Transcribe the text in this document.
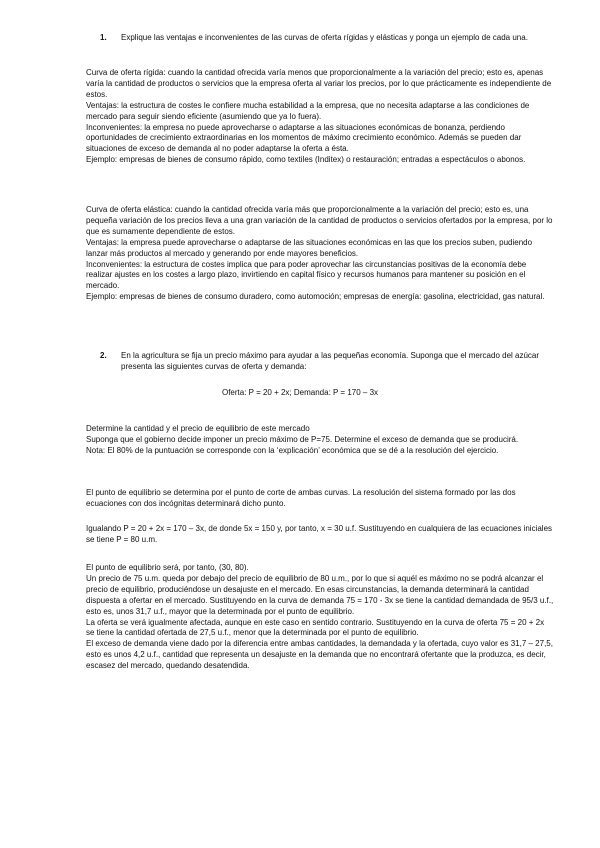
1. Explique las ventajas e inconvenientes de las curvas de oferta rígidas y elásticas y ponga un ejemplo de cada una.

Curva de oferta rígida: cuando la cantidad ofrecida varía menos que proporcionalmente a la variación del precio; esto es, apenas varía la cantidad de productos o servicios que la empresa oferta al variar los precios, por lo que prácticamente es independiente de estos.

Ventajas: la estructura de costes le confiere mucha estabilidad a la empresa, que no necesita adaptarse a las condiciones de mercado para seguir siendo eficiente (asumiendo que ya lo fuera).

Inconvenientes: la empresa no puede aprovecharse o adaptarse a las situaciones económicas de bonanza, perdiendo oportunidades de crecimiento extraordinarias en los momentos de máximo crecimiento económico. Además se pueden dar situaciones de exceso de demanda al no poder adaptarse la oferta a ésta.

Ejemplo: empresas de bienes de consumo rápido, como textiles (Inditex) o restauración; entradas a espectáculos o abonos.

Curva de oferta elástica: cuando la cantidad ofrecida varía más que proporcionalmente a la variación del precio; esto es, una pequeña variación de los precios lleva a una gran variación de la cantidad de productos o servicios ofertados por la empresa, por lo que es sumamente dependiente de estos.

Ventajas: la empresa puede aprovecharse o adaptarse de las situaciones económicas en las que los precios suben, pudiendo lanzar más productos al mercado y generando por ende mayores beneficios.

Inconvenientes: la estructura de costes implica que para poder aprovechar las circunstancias positivas de la economía debe realizar ajustes en los costes a largo plazo, invirtiendo en capital físico y recursos humanos para mantener su posición en el mercado.

Ejemplo: empresas de bienes de consumo duradero, como automoción; empresas de energía: gasolina, electricidad, gas natural.

2. En la agricultura se fija un precio máximo para ayudar a las pequeñas economía. Suponga que el mercado del azúcar presenta las siguientes curvas de oferta y demanda:
Oferta: P = 20 + 2x; Demanda: P = 170 – 3x

Determine la cantidad y el precio de equilibrio de este mercado

Suponga que el gobierno decide imponer un precio máximo de P=75. Determine el exceso de demanda que se producirá.

Nota: El 80% de la puntuación se corresponde con la ‘explicación’ económica que se dé a la resolución del ejercicio.

El punto de equilibrio se determina por el punto de corte de ambas curvas. La resolución del sistema formado por las dos ecuaciones con dos incógnitas determinará dicho punto.

Igualando P = 20 + 2x = 170 – 3x, de donde 5x = 150 y, por tanto, x = 30 u.f. Sustituyendo en cualquiera de las ecuaciones iniciales se tiene P = 80 u.m.

El punto de equilibrio será, por tanto, (30, 80).

Un precio de 75 u.m. queda por debajo del precio de equilibrio de 80 u.m., por lo que si aquél es máximo no se podrá alcanzar el precio de equilibrio, produciéndose un desajuste en el mercado. En esas circunstancias, la demanda determinará la cantidad dispuesta a ofertar en el mercado. Sustituyendo en la curva de demanda 75 = 170 - 3x se tiene la cantidad demandada de 95/3 u.f., esto es, unos 31,7 u.f., mayor que la determinada por el punto de equilibrio.

La oferta se verá igualmente afectada, aunque en este caso en sentido contrario. Sustituyendo en la curva de oferta 75 = 20 + 2x se tiene la cantidad ofertada de 27,5 u.f., menor que la determinada por el punto de equilibrio.

El exceso de demanda viene dado por la diferencia entre ambas cantidades, la demandada y la ofertada, cuyo valor es 31,7 – 27,5, esto es unos 4,2 u.f., cantidad que representa un desajuste en la demanda que no encontrará ofertante que la produzca, es decir, escasez del mercado, quedando desatendida.
